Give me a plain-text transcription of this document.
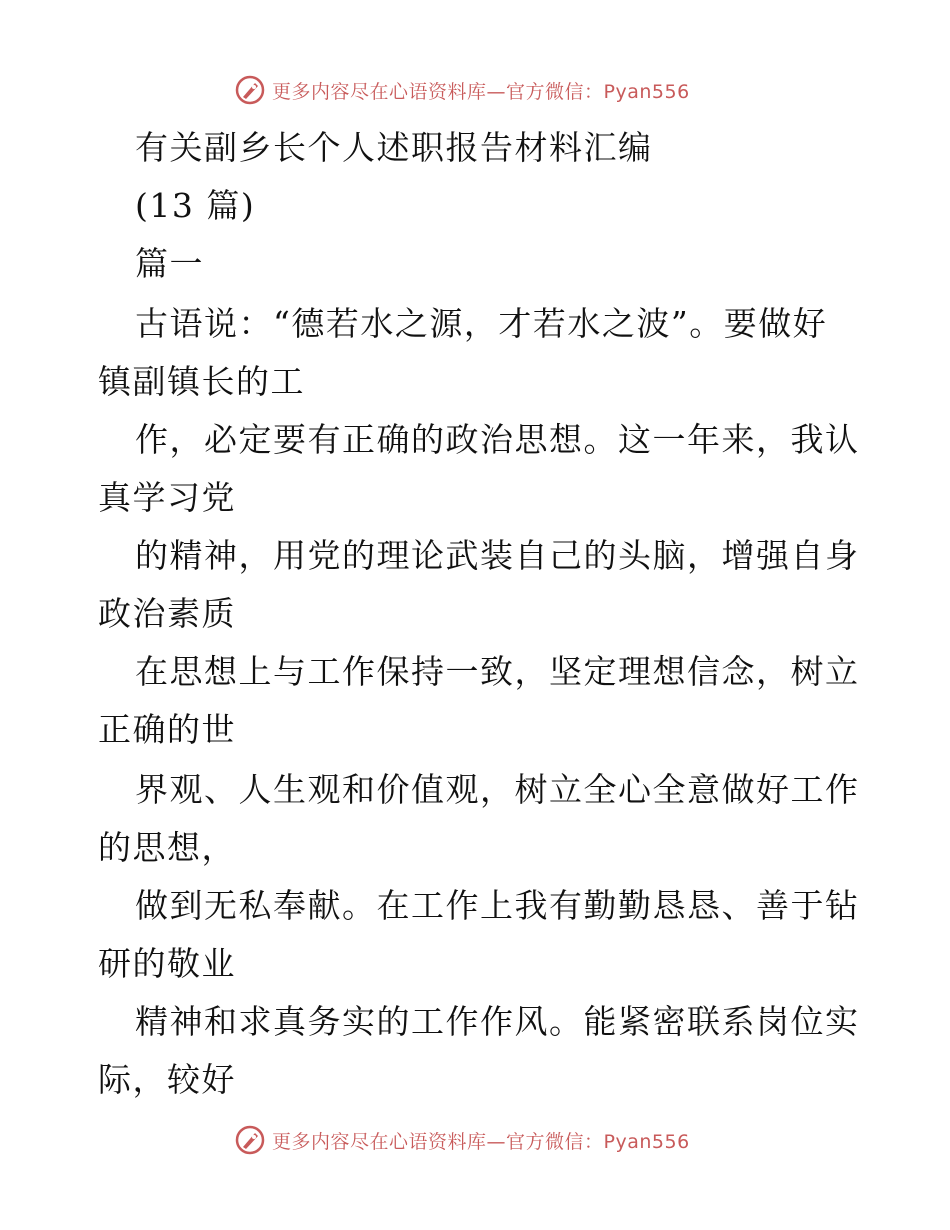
更多内容尽在心语资料库—官方微信：Pyan556
有关副乡长个人述职报告材料汇编
(13 篇)
篇一
古语说：“德若水之源，才若水之波”。要做好
镇副镇长的工
作，必定要有正确的政治思想。这一年来，我认
真学习党
的精神，用党的理论武装自己的头脑，增强自身
政治素质
在思想上与工作保持一致，坚定理想信念，树立
正确的世
界观、人生观和价值观，树立全心全意做好工作
的思想，
做到无私奉献。在工作上我有勤勤恳恳、善于钻
研的敬业
精神和求真务实的工作作风。能紧密联系岗位实
际，较好
更多内容尽在心语资料库—官方微信：Pyan556
